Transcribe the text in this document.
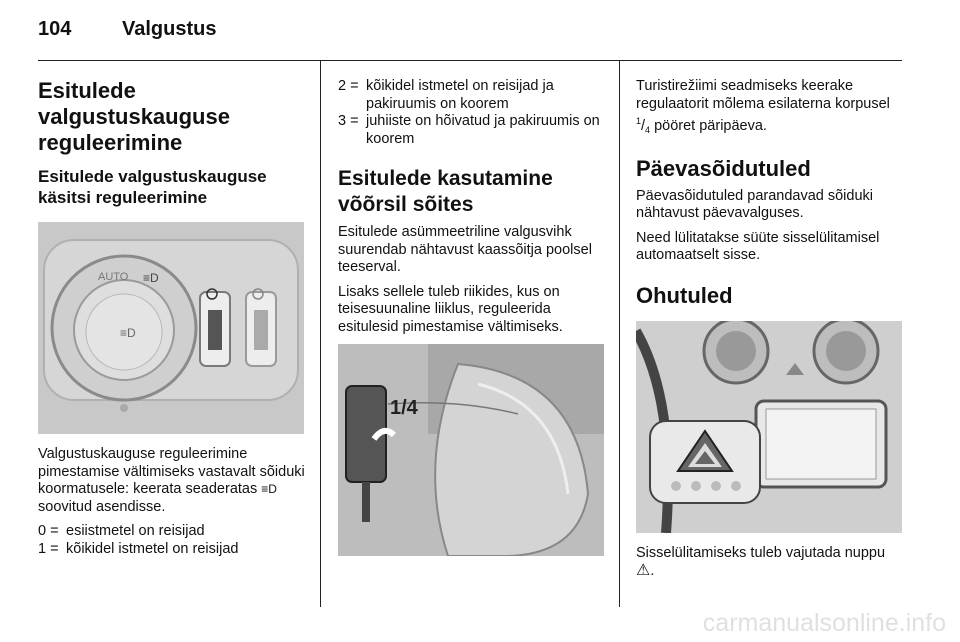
104	Valgustus
Esitulede valgustuskauguse reguleerimine
Esitulede valgustuskauguse käsitsi reguleerimine
≡D
AUTO ≡D

Valgustuskauguse reguleerimine pimestamise vältimiseks vastavalt sõiduki koormatusele: keerata seaderatas ≡D soovitud asendisse.

0 = esiistmetel on reisijad
1 = kõikidel istmetel on reisijad
2 = kõikidel istmetel on reisijad ja pakiruumis on koorem
3 = juhiiste on hõivatud ja pakiruumis on koorem
Esitulede kasutamine võõrsil sõites

Esitulede asümmeetriline valgusvihk suurendab nähtavust kaassõitja poolsel teeserval.

Lisaks sellele tuleb riikides, kus on teisesuunaline liiklus, reguleerida esitulesid pimestamise vältimiseks.

1/4

Turistirežiimi seadmiseks keerake regulaatorit mõlema esilaterna korpusel $^1/_4$ pööret päripäeva.

Päevasõidutuled

Päevasõidutuled parandavad sõiduki nähtavust päevavalguses.

Need lülitatakse süüte sisselülitamisel automaatselt sisse.

Ohutuled

Sisselülitamiseks tuleb vajutada nuppu ⚠.

carmanualsonline.info
